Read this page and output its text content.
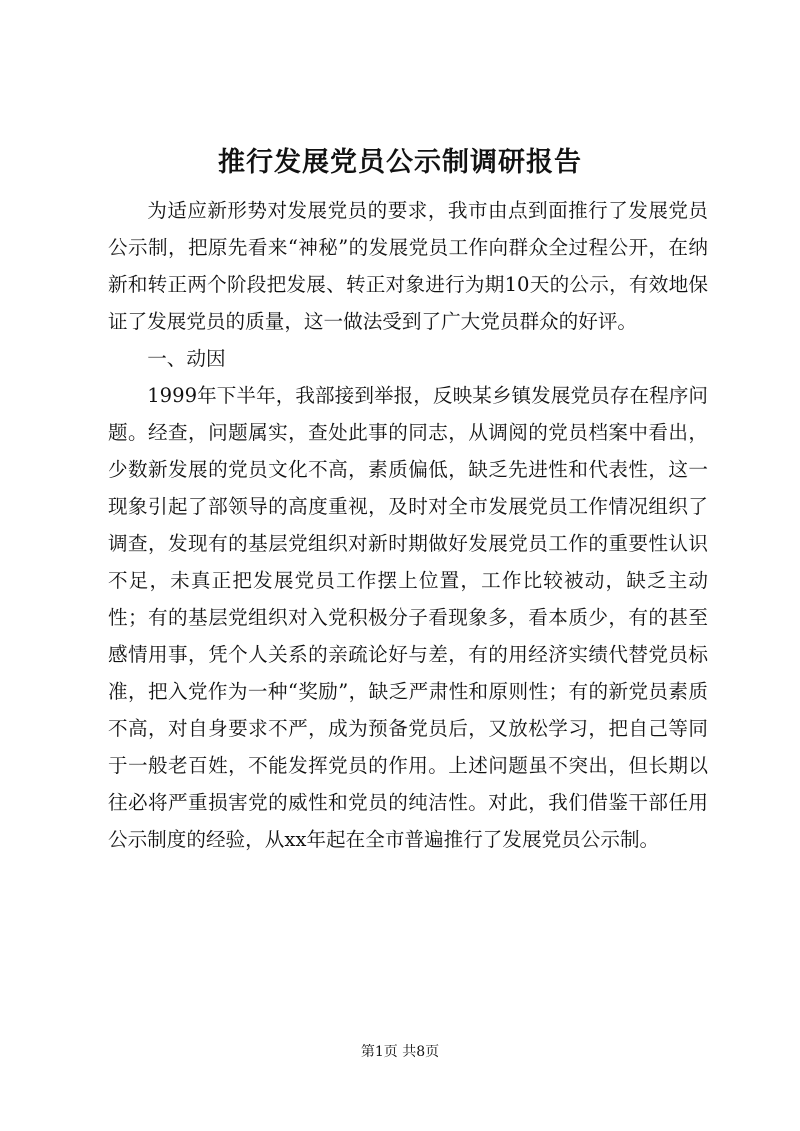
推行发展党员公示制调研报告

为适应新形势对发展党员的要求，我市由点到面推行了发展党员公示制，把原先看来“神秘”的发展党员工作向群众全过程公开，在纳新和转正两个阶段把发展、转正对象进行为期10天的公示，有效地保证了发展党员的质量，这一做法受到了广大党员群众的好评。

一、动因

1999年下半年，我部接到举报，反映某乡镇发展党员存在程序问题。经查，问题属实，查处此事的同志，从调阅的党员档案中看出，少数新发展的党员文化不高，素质偏低，缺乏先进性和代表性，这一现象引起了部领导的高度重视，及时对全市发展党员工作情况组织了调查，发现有的基层党组织对新时期做好发展党员工作的重要性认识不足，未真正把发展党员工作摆上位置，工作比较被动，缺乏主动性；有的基层党组织对入党积极分子看现象多，看本质少，有的甚至感情用事，凭个人关系的亲疏论好与差，有的用经济实绩代替党员标准，把入党作为一种“奖励”，缺乏严肃性和原则性；有的新党员素质不高，对自身要求不严，成为预备党员后，又放松学习，把自己等同于一般老百姓，不能发挥党员的作用。上述问题虽不突出，但长期以往必将严重损害党的威性和党员的纯洁性。对此，我们借鉴干部任用公示制度的经验，从xx年起在全市普遍推行了发展党员公示制。

第1页 共8页
